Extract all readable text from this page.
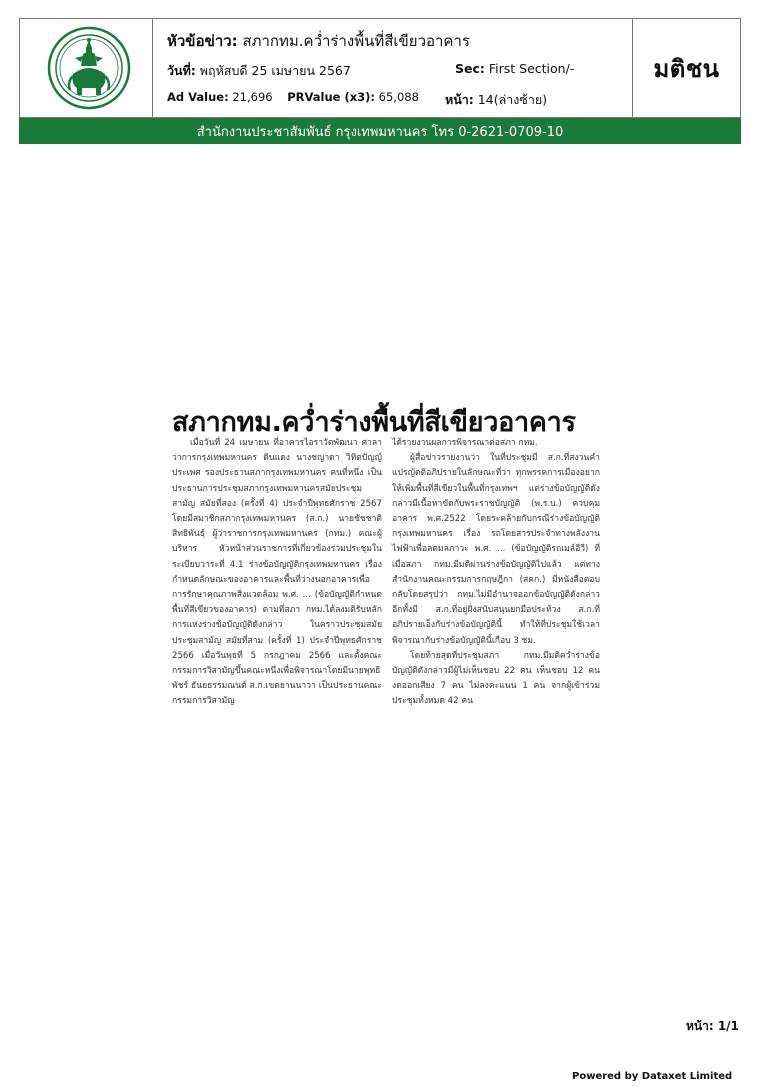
หัวข้อข่าว: สภากทม.คว่ำร่างพื้นที่สีเขียวอาคาร
วันที่: พฤหัสบดี 25 เมษายน 2567	Sec: First Section/-
Ad Value: 21,696 PRValue (x3): 65,088 หน้า: 14(ล่างซ้าย)
มติชน
สำนักงานประชาสัมพันธ์ กรุงเทพมหานคร โทร 0-2621-0709-10
สภากทม.คว่ำร่างพื้นที่สีเขียวอาคาร

เมื่อวันที่ 24 เมษายน ที่อาคารไอราวัตพัฒนา ศาลาว่าการกรุงเทพมหานคร ดินแดง นางชญาดา วิทิตปัญญ์ประเพศ รองประธานสภากรุงเทพมหานคร คนที่หนึ่ง เป็นประธานการประชุมสภากรุงเทพมหานครสมัยประชุมสามัญ สมัยที่สอง (ครั้งที่ 4) ประจำปีพุทธศักราช 2567 โดยมีสมาชิกสภากรุงเทพมหานคร (ส.ก.) นายชัชชาติ สิทธิพันธุ์ ผู้ว่าราชการกรุงเทพมหานคร (กทม.) คณะผู้บริหาร หัวหน้าส่วนราชการที่เกี่ยวข้องร่วมประชุมในระเบียบวาระที่ 4.1 ร่างข้อบัญญัติกรุงเทพมหานคร เรื่อง กำหนดลักษณะของอาคารและพื้นที่ว่างนอกอาคารเพื่อการรักษาคุณภาพสิ่งแวดล้อม พ.ศ. ... (ข้อบัญญัติกำหนดพื้นที่สีเขียวของอาคาร) ตามที่สภา กทม.ได้ลงมติรับหลักการแห่งร่างข้อบัญญัติดังกล่าว ในคราวประชุมสมัยประชุมสามัญ สมัยที่สาม (ครั้งที่ 1) ประจำปีพุทธศักราช 2566 เมื่อวันพุธที่ 5 กรกฎาคม 2566 และตั้งคณะกรรมการวิสามัญขึ้นคณะหนึ่งเพื่อพิจารณาโดยมีนายพุทธิพัชร์ ธันยธรรมณนต์ ส.ก.เขตยานนาวา เป็นประธานคณะกรรมการวิสามัญ

ได้รายงานผลการพิจารณาต่อสภา กทม.

ผู้สื่อข่าวรายงานว่า ในที่ประชุมมี ส.ก.ที่สงวนคำแปรญัตติอภิปรายในลักษณะที่ว่า ทุกพรรคการเมืองอยากให้เพิ่มพื้นที่สีเขียวในพื้นที่กรุงเทพฯ แต่ร่างข้อบัญญัติดังกล่าวมีเนื้อหาขัดกับพระราชบัญญัติ (พ.ร.บ.) ควบคุมอาคาร พ.ศ.2522 โดยระคล้ายกับกรณีร่างข้อบัญญัติกรุงเทพมหานคร เรื่อง รถโดยสารประจำทางพลังงานไฟฟ้าเพื่อลดมลภาวะ พ.ศ. ... (ข้อบัญญัติรถเมล์อีวี) ที่เมื่อสภา กทม.มีมติผ่านร่างข้อบัญญัติไปแล้ว แต่ทางสำนักงานคณะกรรมการกฤษฎีกา (สคก.) มีหนังสือตอบกลับโดยสรุปว่า กทม.ไม่มีอำนาจออกข้อบัญญัติดังกล่าว อีกทั้งมี ส.ก.ที่อยู่ฝั่งสนับสนุนยกมือประท้วง ส.ก.ที่อภิปรายเอ็งกับร่างข้อบัญญัตินี้ ทำให้ที่ประชุมใช้เวลาพิจารณากับร่างข้อบัญญัตินี้เกือบ 3 ชม.

โดยท้ายสุดที่ประชุมสภา กทม.มีมติคว่ำร่างข้อบัญญัติดังกล่าวมีผู้ไม่เห็นชอบ 22 คน เห็นชอบ 12 คน งดออกเสียง 7 คน ไม่ลงคะแนน 1 คน จากผู้เข้าร่วมประชุมทั้งหมด 42 คน

หน้า: 1/1
Powered by Dataxet Limited
